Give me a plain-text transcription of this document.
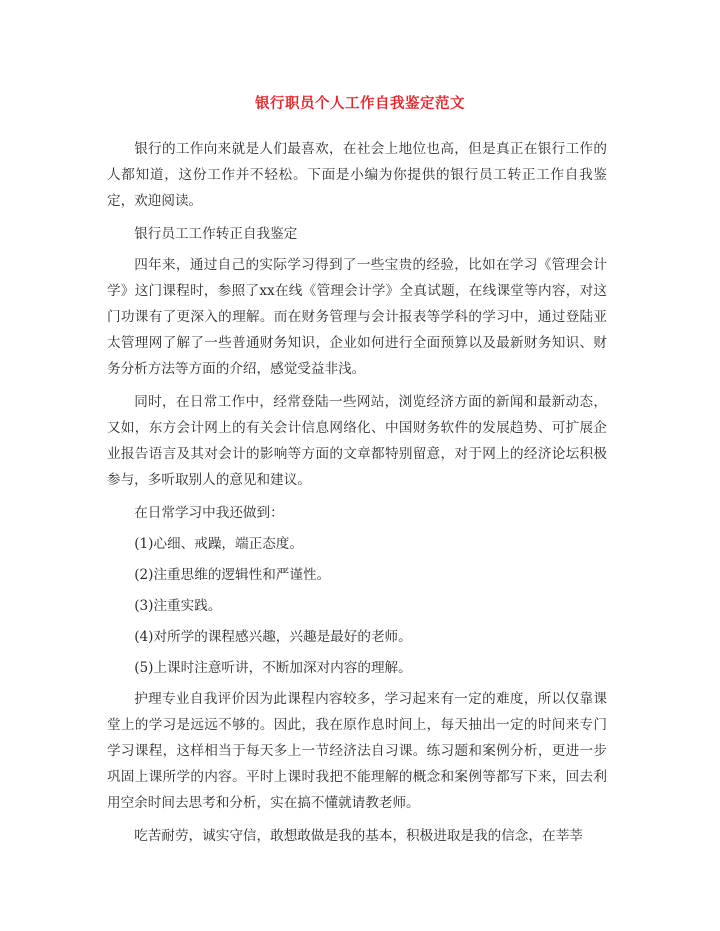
银行职员个人工作自我鉴定范文

银行的工作向来就是人们最喜欢，在社会上地位也高，但是真正在银行工作的人都知道，这份工作并不轻松。下面是小编为你提供的银行员工转正工作自我鉴定，欢迎阅读。

银行员工工作转正自我鉴定

四年来，通过自己的实际学习得到了一些宝贵的经验，比如在学习《管理会计学》这门课程时，参照了xx在线《管理会计学》全真试题，在线课堂等内容，对这门功课有了更深入的理解。而在财务管理与会计报表等学科的学习中，通过登陆亚太管理网了解了一些普通财务知识，企业如何进行全面预算以及最新财务知识、财务分析方法等方面的介绍，感觉受益非浅。

同时，在日常工作中，经常登陆一些网站，浏览经济方面的新闻和最新动态，又如，东方会计网上的有关会计信息网络化、中国财务软件的发展趋势、可扩展企业报告语言及其对会计的影响等方面的文章都特别留意，对于网上的经济论坛积极参与，多听取别人的意见和建议。

在日常学习中我还做到：

(1)心细、戒躁，端正态度。

(2)注重思维的逻辑性和严谨性。

(3)注重实践。

(4)对所学的课程感兴趣，兴趣是最好的老师。

(5)上课时注意听讲，不断加深对内容的理解。

护理专业自我评价因为此课程内容较多，学习起来有一定的难度，所以仅靠课堂上的学习是远远不够的。因此，我在原作息时间上，每天抽出一定的时间来专门学习课程，这样相当于每天多上一节经济法自习课。练习题和案例分析，更进一步巩固上课所学的内容。平时上课时我把不能理解的概念和案例等都写下来，回去利用空余时间去思考和分析，实在搞不懂就请教老师。

吃苦耐劳，诚实守信，敢想敢做是我的基本，积极进取是我的信念，在莘莘
